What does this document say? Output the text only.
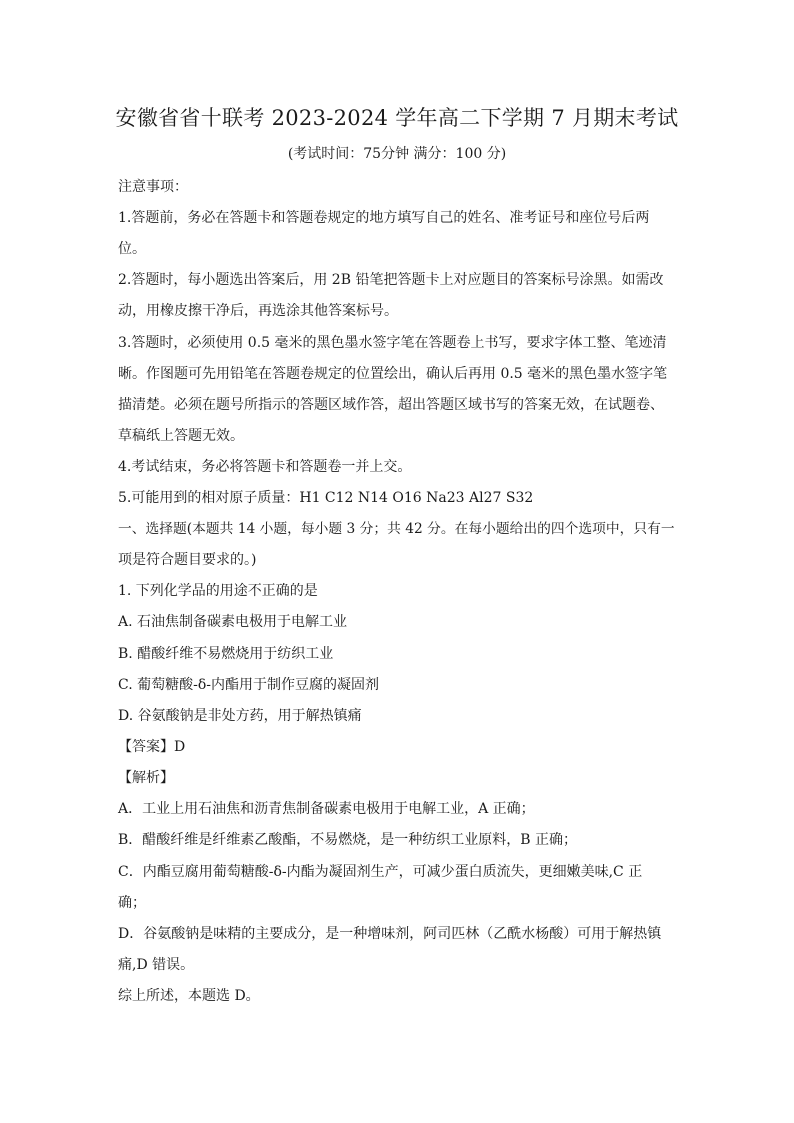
安徽省省十联考 2023-2024 学年高二下学期 7 月期末考试
(考试时间：75分钟 满分：100 分)
注意事项：
1.答题前，务必在答题卡和答题卷规定的地方填写自己的姓名、准考证号和座位号后两
位。
2.答题时，每小题选出答案后，用 2B 铅笔把答题卡上对应题目的答案标号涂黑。如需改
动，用橡皮擦干净后，再选涂其他答案标号。
3.答题时，必须使用 0.5 毫米的黑色墨水签字笔在答题卷上书写，要求字体工整、笔迹清
晰。作图题可先用铅笔在答题卷规定的位置绘出，确认后再用 0.5 毫米的黑色墨水签字笔
描清楚。必须在题号所指示的答题区域作答，超出答题区域书写的答案无效，在试题卷、
草稿纸上答题无效。
4.考试结束，务必将答题卡和答题卷一并上交。
5.可能用到的相对原子质量：H1 C12 N14 O16 Na23 Al27 S32
一、选择题(本题共 14 小题，每小题 3 分；共 42 分。在每小题给出的四个选项中，只有一
项是符合题目要求的。)
1. 下列化学品的用途不正确的是
A. 石油焦制备碳素电极用于电解工业
B. 醋酸纤维不易燃烧用于纺织工业
C. 葡萄糖酸-δ-内酯用于制作豆腐的凝固剂
D. 谷氨酸钠是非处方药，用于解热镇痛
【答案】D
【解析】
A．工业上用石油焦和沥青焦制备碳素电极用于电解工业，A 正确；
B．醋酸纤维是纤维素乙酸酯，不易燃烧，是一种纺织工业原料，B 正确；
C．内酯豆腐用葡萄糖酸-δ-内酯为凝固剂生产，可减少蛋白质流失，更细嫩美味,C 正
确；
D．谷氨酸钠是味精的主要成分，是一种增味剂，阿司匹林（乙酰水杨酸）可用于解热镇
痛,D 错误。
综上所述，本题选 D。
